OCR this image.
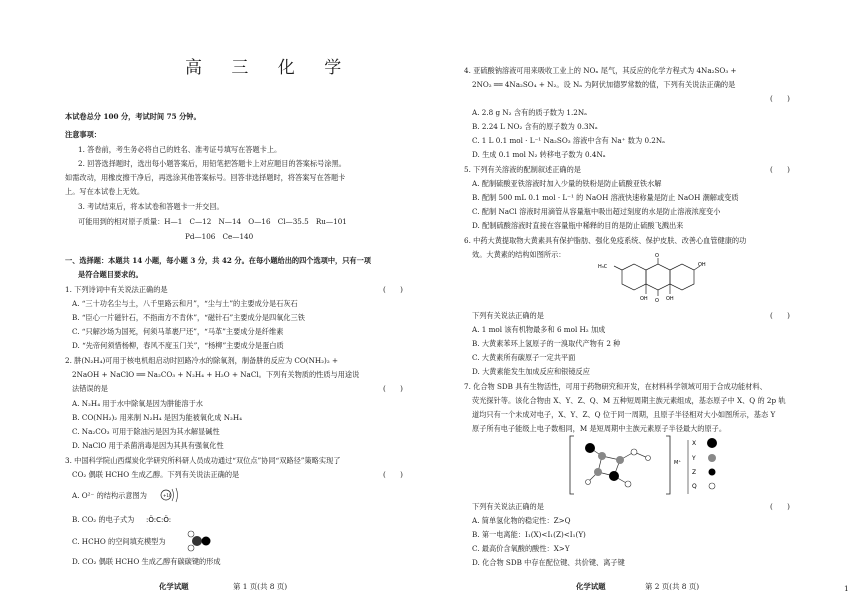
高 三 化 学
本试卷总分 100 分，考试时间 75 分钟。
注意事项：
1. 答卷前，考生务必将自己的姓名、准考证号填写在答题卡上。
2. 回答选择题时，选出每小题答案后，用铅笔把答题卡上对应题目的答案标号涂黑。
如需改动，用橡皮擦干净后，再选涂其他答案标号。回答非选择题时，将答案写在答题卡
上。写在本试卷上无效。
3. 考试结束后，将本试卷和答题卡一并交回。
可能用到的相对原子质量：H—1　C—12　N—14　O—16　Cl—35.5　Ru—101
Pd—106　Ce—140
一、选择题：本题共 14 小题，每小题 3 分，共 42 分。在每小题给出的四个选项中，只有一项
是符合题目要求的。
1. 下列诗词中有关说法正确的是	(　　)
A. “三十功名尘与土，八千里路云和月”，“尘与土”的主要成分是石灰石
B. “臣心一片磁针石，不指南方不肯休”，“磁针石”主要成分是四氧化三铁
C. “只解沙场为国死，何须马革裹尸还”，“马革”主要成分是纤维素
D. “先帝何须惜杨柳，春风不度玉门关”，“杨柳”主要成分是蛋白质
2. 肼(N₂H₄)可用于核电机组启动时回路冷水的除氧剂，制备肼的反应为 CO(NH₂)₂ +
2NaOH + NaClO ══ Na₂CO₃ + N₂H₄ + H₂O + NaCl。下列有关物质的性质与用途说
法错误的是	(　　)
A. N₂H₄ 用于水中除氧是因为肼能溶于水
B. CO(NH₂)₂ 用来制 N₂H₄ 是因为能被氧化成 N₂H₄
C. Na₂CO₃ 可用于除油污是因为其水解显碱性
D. NaClO 用于杀菌消毒是因为其具有强氧化性
3. 中国科学院山西煤炭化学研究所科研人员成功通过“双位点”协同“双路径”策略实现了
CO₂ 偶联 HCHO 生成乙醇。下列有关说法正确的是	(　　)
A. O²⁻ 的结构示意图为	+10
B. CO₂ 的电子式为 :Ö:C:Ö:
C. HCHO 的空间填充模型为
D. CO₂ 偶联 HCHO 生成乙醇有碳碳键的形成
化学试题	第 1 页(共 8 页)
4. 亚硫酸钠溶液可用来吸收工业上的 NOₓ 尾气，其反应的化学方程式为 4Na₂SO₃ +
2NO₂ ══ 4Na₂SO₄ + N₂。设 Nₐ 为阿伏加德罗常数的值，下列有关说法正确的是
(　　)
A. 2.8 g N₂ 含有的质子数为 1.2Nₐ
B. 2.24 L NO₂ 含有的原子数为 0.3Nₐ
C. 1 L 0.1 mol · L⁻¹ Na₂SO₃ 溶液中含有 Na⁺ 数为 0.2Nₐ
D. 生成 0.1 mol N₂ 转移电子数为 0.4Nₐ
5. 下列有关溶液的配制叙述正确的是	(　　)
A. 配制硫酸亚铁溶液时加入少量的铁粉是防止硫酸亚铁水解
B. 配制 500 mL 0.1 mol · L⁻¹ 的 NaOH 溶液快速称量是防止 NaOH 潮解或变质
C. 配制 NaCl 溶液时用滴管从容量瓶中吸出超过刻度的水是防止溶液浓度变小
D. 配制硫酸溶液时直接在容量瓶中稀释的目的是防止硫酸飞溅出来
6. 中药大黄提取物大黄素具有保护脂肪、强化免疫系统、保护皮肤、改善心血管健康的功
效。大黄素的结构如图所示：	O
O
H₃C	OH
OH	OH
下列有关说法正确的是	(　　)
A. 1 mol 该有机物最多和 6 mol H₂ 加成
B. 大黄素苯环上氢原子的一溴取代产物有 2 种
C. 大黄素所有碳原子一定共平面
D. 大黄素能发生加成反应和银镜反应
7. 化合物 SDB 具有生物活性，可用于药物研究和开发，在材料科学领域可用于合成功能材料、
荧光探针等。该化合物由 X、Y、Z、Q、M 五种短周期主族元素组成，基态原子中 X、Q 的 2p 轨
道均只有一个未成对电子，X、Y、Z、Q 位于同一周期，且原子半径相对大小如图所示，基态 Y
原子所有电子能级上电子数相同，M 是短周期中主族元素原子半径最大的原子。
M⁺
X
Y
Z
Q
下列有关说法正确的是	(　　)
A. 简单氢化物的稳定性：Z>Q
B. 第一电离能：I₁(X)<I₁(Z)<I₁(Y)
C. 最高价含氧酸的酸性：X>Y
D. 化合物 SDB 中存在配位键、共价键、离子键
化学试题	第 2 页(共 8 页)	1
